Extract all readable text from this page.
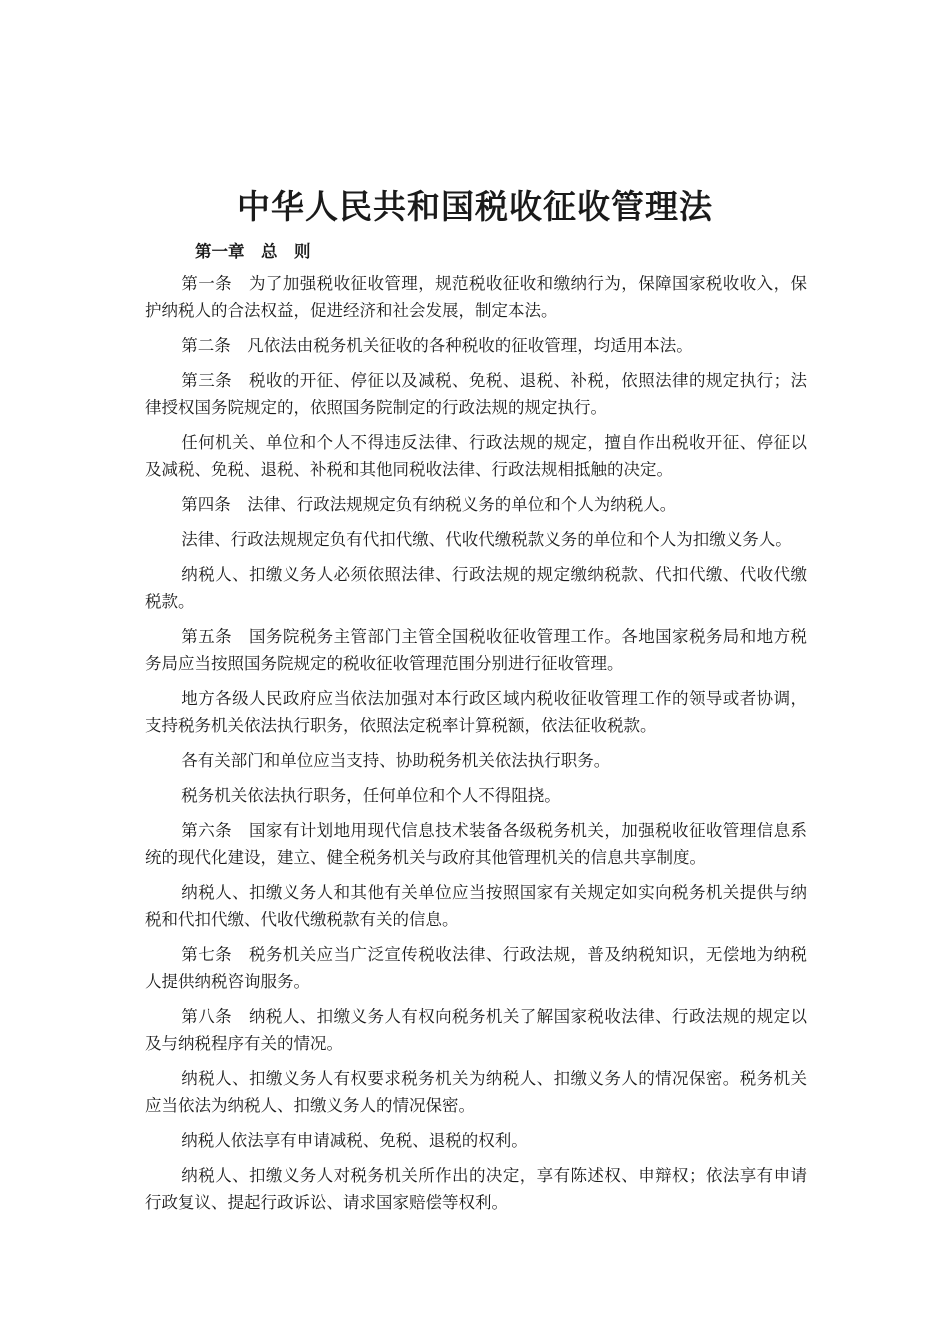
中华人民共和国税收征收管理法
第一章　总　则

第一条　为了加强税收征收管理，规范税收征收和缴纳行为，保障国家税收收入，保护纳税人的合法权益，促进经济和社会发展，制定本法。

第二条　凡依法由税务机关征收的各种税收的征收管理，均适用本法。

第三条　税收的开征、停征以及减税、免税、退税、补税，依照法律的规定执行；法律授权国务院规定的，依照国务院制定的行政法规的规定执行。

任何机关、单位和个人不得违反法律、行政法规的规定，擅自作出税收开征、停征以及减税、免税、退税、补税和其他同税收法律、行政法规相抵触的决定。

第四条　法律、行政法规规定负有纳税义务的单位和个人为纳税人。

法律、行政法规规定负有代扣代缴、代收代缴税款义务的单位和个人为扣缴义务人。

纳税人、扣缴义务人必须依照法律、行政法规的规定缴纳税款、代扣代缴、代收代缴税款。

第五条　国务院税务主管部门主管全国税收征收管理工作。各地国家税务局和地方税务局应当按照国务院规定的税收征收管理范围分别进行征收管理。

地方各级人民政府应当依法加强对本行政区域内税收征收管理工作的领导或者协调，支持税务机关依法执行职务，依照法定税率计算税额，依法征收税款。

各有关部门和单位应当支持、协助税务机关依法执行职务。

税务机关依法执行职务，任何单位和个人不得阻挠。

第六条　国家有计划地用现代信息技术装备各级税务机关，加强税收征收管理信息系统的现代化建设，建立、健全税务机关与政府其他管理机关的信息共享制度。

纳税人、扣缴义务人和其他有关单位应当按照国家有关规定如实向税务机关提供与纳税和代扣代缴、代收代缴税款有关的信息。

第七条　税务机关应当广泛宣传税收法律、行政法规，普及纳税知识，无偿地为纳税人提供纳税咨询服务。

第八条　纳税人、扣缴义务人有权向税务机关了解国家税收法律、行政法规的规定以及与纳税程序有关的情况。

纳税人、扣缴义务人有权要求税务机关为纳税人、扣缴义务人的情况保密。税务机关应当依法为纳税人、扣缴义务人的情况保密。

纳税人依法享有申请减税、免税、退税的权利。

纳税人、扣缴义务人对税务机关所作出的决定，享有陈述权、申辩权；依法享有申请行政复议、提起行政诉讼、请求国家赔偿等权利。
